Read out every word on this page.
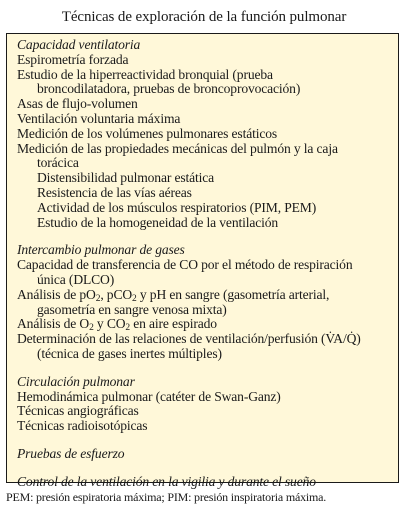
Técnicas de exploración de la función pulmonar
Capacidad ventilatoria
Espirometría forzada
Estudio de la hiperreactividad bronquial (prueba
broncodilatadora, pruebas de broncoprovocación)
Asas de flujo-volumen
Ventilación voluntaria máxima
Medición de los volúmenes pulmonares estáticos
Medición de las propiedades mecánicas del pulmón y la caja
torácica
Distensibilidad pulmonar estática
Resistencia de las vías aéreas
Actividad de los músculos respiratorios (PIM, PEM)
Estudio de la homogeneidad de la ventilación
Intercambio pulmonar de gases
Capacidad de transferencia de CO por el método de respiración
única (DLCO)
Análisis de $pO_2$, pCO$_2$ y pH en sangre (gasometría arterial,
gasometría en sangre venosa mixta)
Análisis de $O_2$ y $CO_2$ en aire espirado
Determinación de las relaciones de ventilación/perfusión (V̇A/Q̇)
(técnica de gases inertes múltiples)
Circulación pulmonar
Hemodinámica pulmonar (catéter de Swan-Ganz)
Técnicas angiográficas
Técnicas radioisotópicas
Pruebas de esfuerzo
Control de la ventilación en la vigilia y durante el sueño
PEM: presión espiratoria máxima; PIM: presión inspiratoria máxima.
